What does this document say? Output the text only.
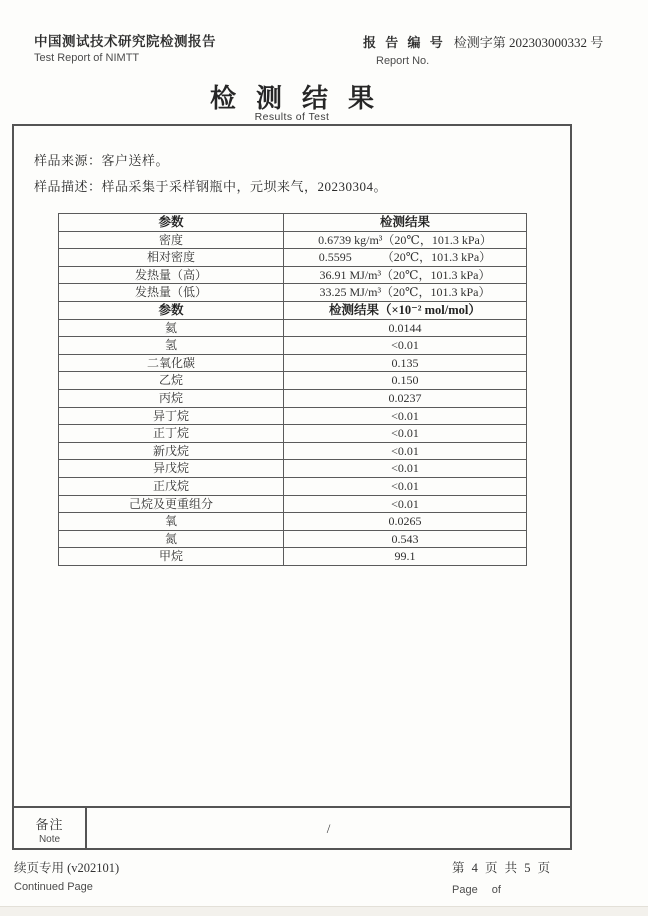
中国测试技术研究院检测报告
Test Report of NIMTT
报 告 编 号 检测字第 202303000332 号
Report No.
检测结果
Results of Test
备注
Note
/
样品来源：客户送样。
样品描述：样品采集于采样钢瓶中，元坝来气，20230304。
参数	检测结果
密度	0.6739 kg/m³（20℃，101.3 kPa）
相对密度	0.5595　　　（20℃，101.3 kPa）
发热量（高）	36.91 MJ/m³（20℃，101.3 kPa）
发热量（低）	33.25 MJ/m³（20℃，101.3 kPa）
参数	检测结果（×10⁻² mol/mol）
氦	0.0144
氢	<0.01
二氧化碳	0.135
乙烷	0.150
丙烷	0.0237
异丁烷	<0.01
正丁烷	<0.01
新戊烷	<0.01
异戊烷	<0.01
正戊烷	<0.01
己烷及更重组分	<0.01
氧	0.0265
氮	0.543
甲烷	99.1
续页专用 (v202101)
Continued Page
第 4 页 共 5 页
Page　 of
